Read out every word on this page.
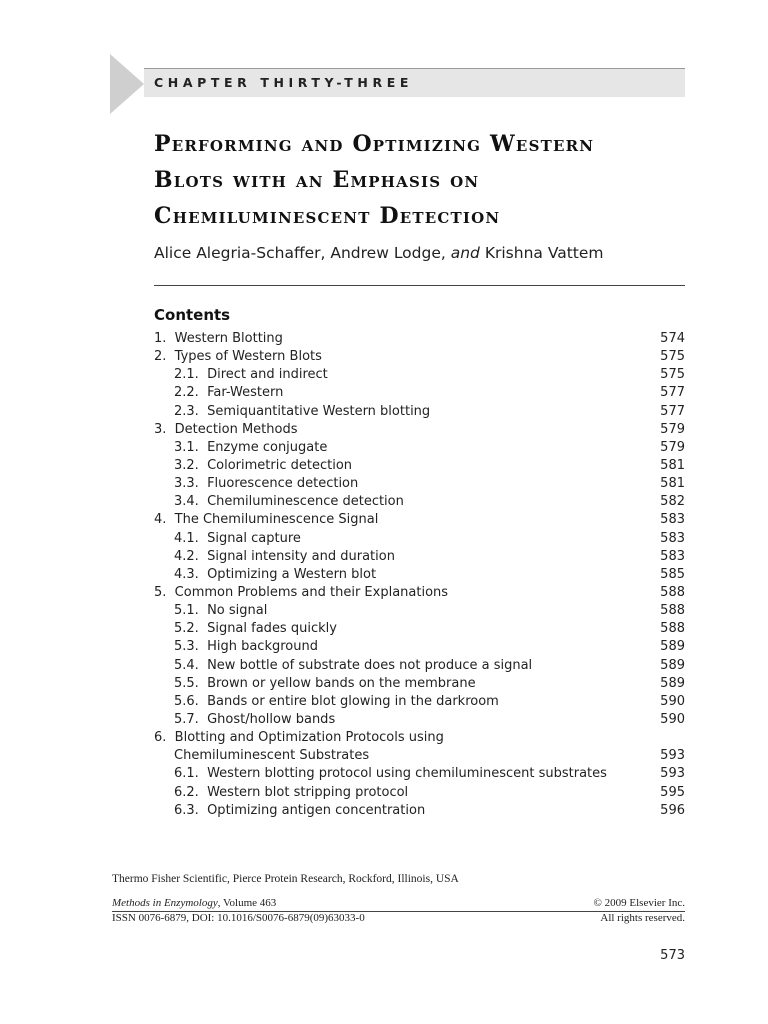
CHAPTER THIRTY-THREE
Performing and Optimizing Western
Blots with an Emphasis on
Chemiluminescent Detection
Alice Alegria-Schaffer, Andrew Lodge, and Krishna Vattem
Contents
1. Western Blotting	574
2. Types of Western Blots	575
2.1. Direct and indirect	575
2.2. Far-Western	577
2.3. Semiquantitative Western blotting	577
3. Detection Methods	579
3.1. Enzyme conjugate	579
3.2. Colorimetric detection	581
3.3. Fluorescence detection	581
3.4. Chemiluminescence detection	582
4. The Chemiluminescence Signal	583
4.1. Signal capture	583
4.2. Signal intensity and duration	583
4.3. Optimizing a Western blot	585
5. Common Problems and their Explanations	588
5.1. No signal	588
5.2. Signal fades quickly	588
5.3. High background	589
5.4. New bottle of substrate does not produce a signal	589
5.5. Brown or yellow bands on the membrane	589
5.6. Bands or entire blot glowing in the darkroom	590
5.7. Ghost/hollow bands	590
6. Blotting and Optimization Protocols using
Chemiluminescent Substrates	593
6.1. Western blotting protocol using chemiluminescent substrates	593
6.2. Western blot stripping protocol	595
6.3. Optimizing antigen concentration	596
Thermo Fisher Scientific, Pierce Protein Research, Rockford, Illinois, USA
Methods in Enzymology, Volume 463	© 2009 Elsevier Inc.
ISSN 0076-6879, DOI: 10.1016/S0076-6879(09)63033-0	All rights reserved.
573
